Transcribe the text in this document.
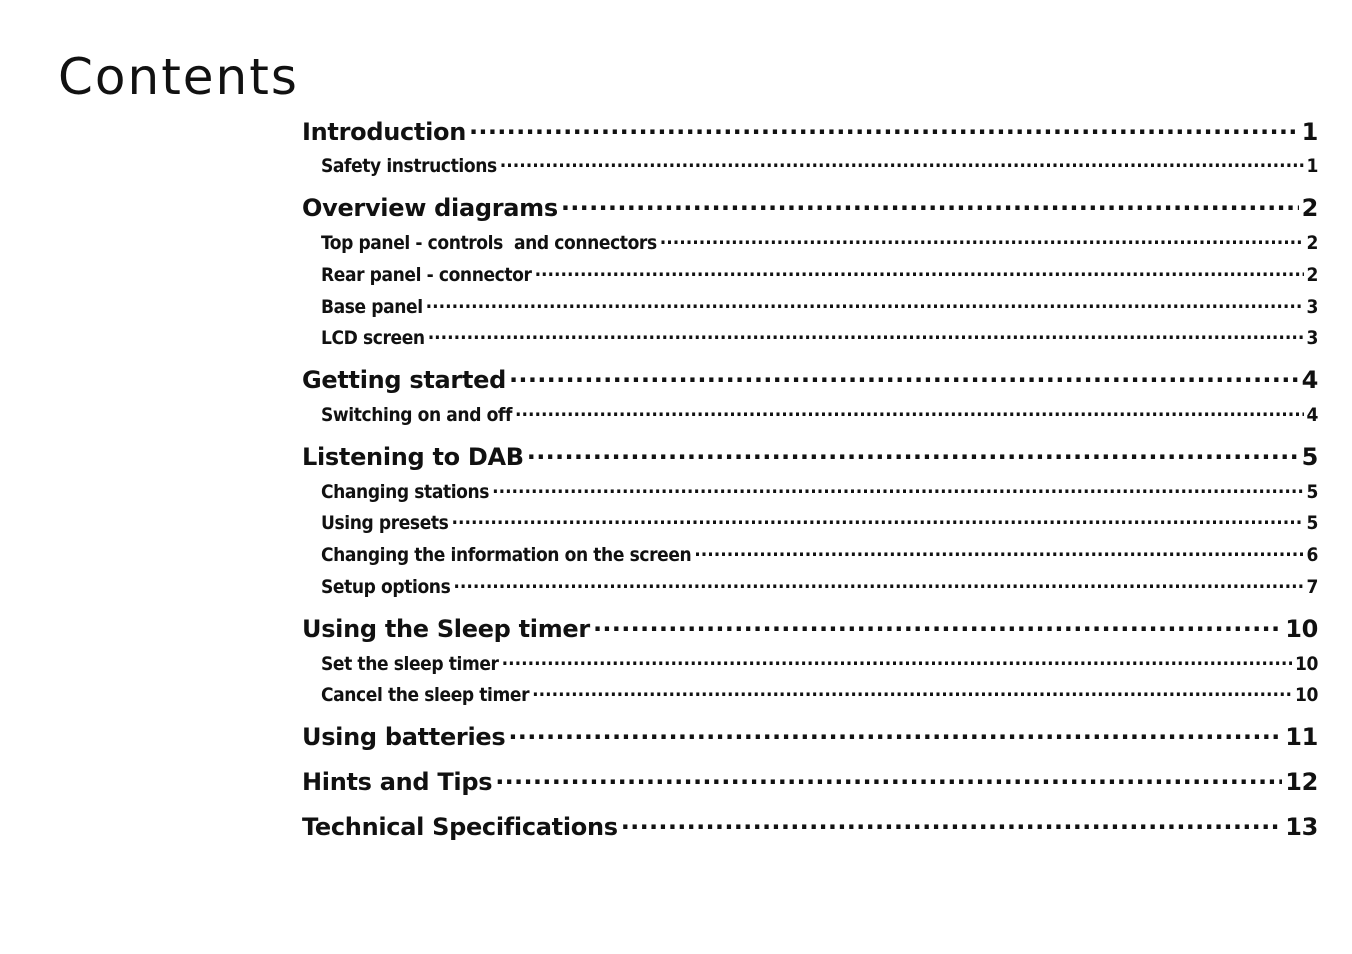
Contents
Introduction .....	1
Safety instructions .....	1
Overview diagrams .....	2
Top panel - controls  and connectors .....	2
Rear panel - connector .....	2
Base panel .....	3
LCD screen .....	3
Getting started .....	4
Switching on and off .....	4
Listening to DAB .....	5
Changing stations .....	5
Using presets .....	5
Changing the information on the screen .....	6
Setup options .....	7
Using the Sleep timer .....	10
Set the sleep timer .....	10
Cancel the sleep timer .....	10
Using batteries .....	11
Hints and Tips .....	12
Technical Specifications .....	13
